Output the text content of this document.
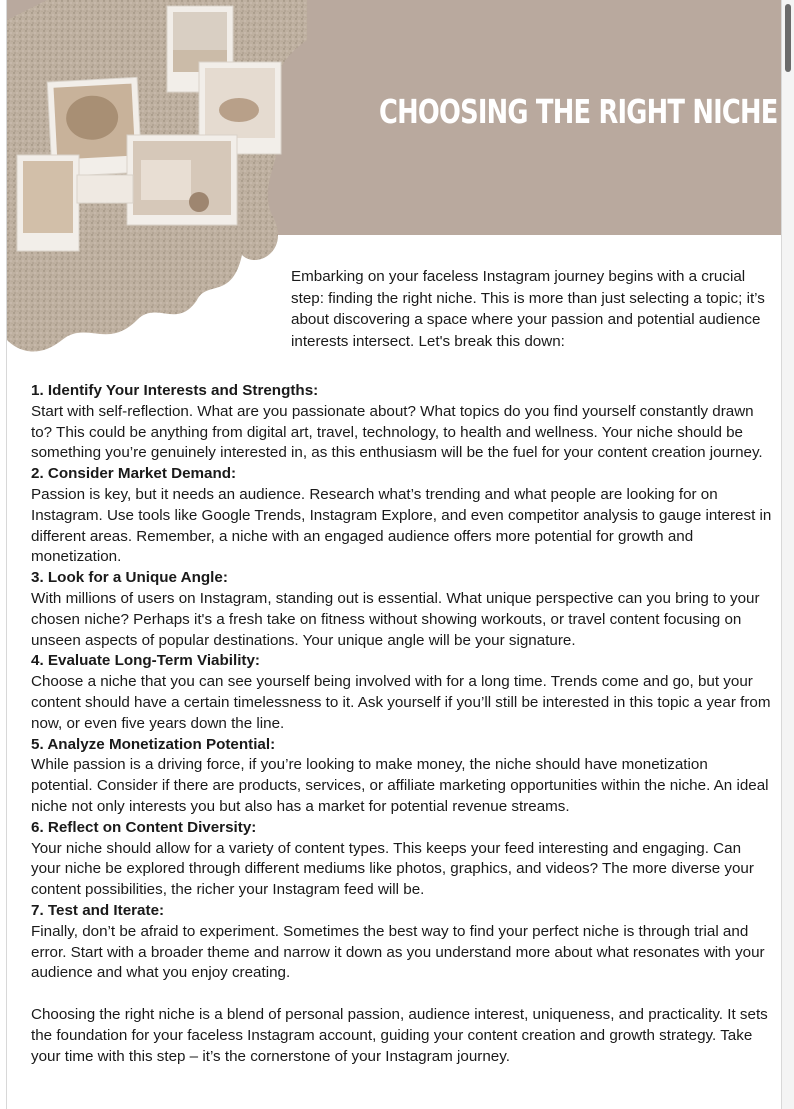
CHOOSING THE RIGHT NICHE

Embarking on your faceless Instagram journey begins with a crucial step: finding the right niche. This is more than just selecting a topic; it’s about discovering a space where your passion and potential audience interests intersect. Let's break this down:

1. Identify Your Interests and Strengths:

Start with self-reflection. What are you passionate about? What topics do you find yourself constantly drawn to? This could be anything from digital art, travel, technology, to health and wellness. Your niche should be something you’re genuinely interested in, as this enthusiasm will be the fuel for your content creation journey.

2. Consider Market Demand:

Passion is key, but it needs an audience. Research what’s trending and what people are looking for on Instagram. Use tools like Google Trends, Instagram Explore, and even competitor analysis to gauge interest in different areas. Remember, a niche with an engaged audience offers more potential for growth and monetization.

3. Look for a Unique Angle:

With millions of users on Instagram, standing out is essential. What unique perspective can you bring to your chosen niche? Perhaps it's a fresh take on fitness without showing workouts, or travel content focusing on unseen aspects of popular destinations. Your unique angle will be your signature.

4. Evaluate Long-Term Viability:

Choose a niche that you can see yourself being involved with for a long time. Trends come and go, but your content should have a certain timelessness to it. Ask yourself if you’ll still be interested in this topic a year from now, or even five years down the line.

5. Analyze Monetization Potential:

While passion is a driving force, if you’re looking to make money, the niche should have monetization potential. Consider if there are products, services, or affiliate marketing opportunities within the niche. An ideal niche not only interests you but also has a market for potential revenue streams.

6. Reflect on Content Diversity:

Your niche should allow for a variety of content types. This keeps your feed interesting and engaging. Can your niche be explored through different mediums like photos, graphics, and videos? The more diverse your content possibilities, the richer your Instagram feed will be.

7. Test and Iterate:

Finally, don’t be afraid to experiment. Sometimes the best way to find your perfect niche is through trial and error. Start with a broader theme and narrow it down as you understand more about what resonates with your audience and what you enjoy creating.

Choosing the right niche is a blend of personal passion, audience interest, uniqueness, and practicality. It sets the foundation for your faceless Instagram account, guiding your content creation and growth strategy. Take your time with this step – it’s the cornerstone of your Instagram journey.
